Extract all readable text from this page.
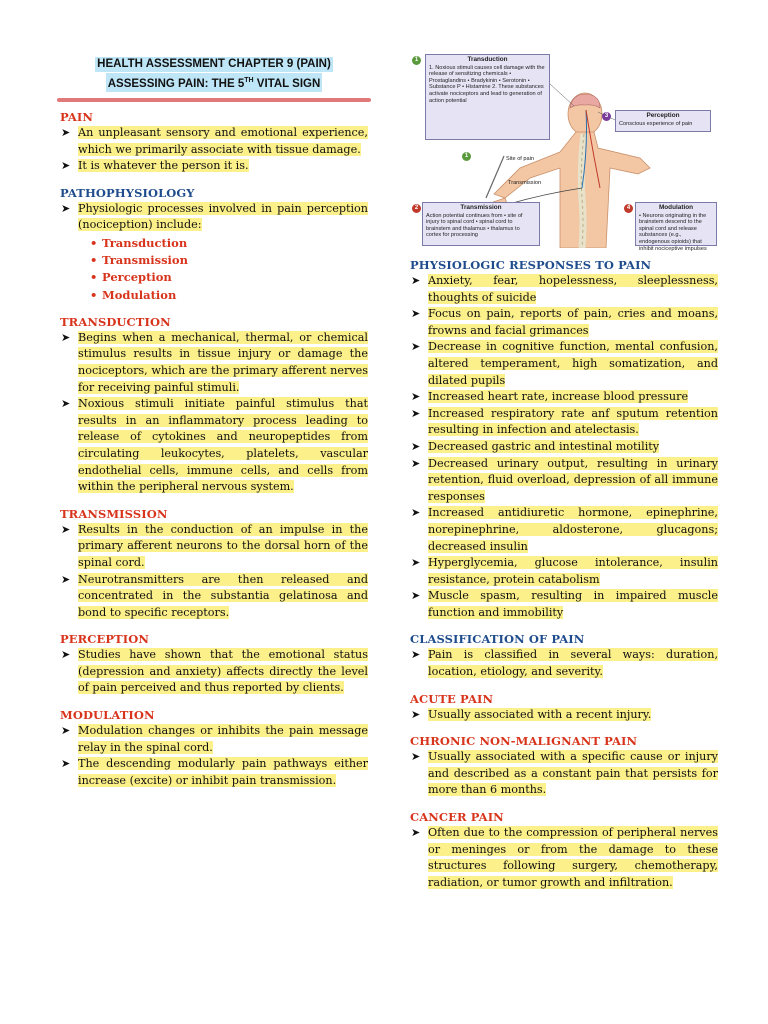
HEALTH ASSESSMENT CHAPTER 9 (PAIN)
ASSESSING PAIN: THE 5TH VITAL SIGN
PAIN
➤ An unpleasant sensory and emotional experience, which we primarily associate with tissue damage.
➤ It is whatever the person it is.
PATHOPHYSIOLOGY
➤ Physiologic processes involved in pain perception (nociception) include:
• Transduction
• Transmission
• Perception
• Modulation
TRANSDUCTION
➤ Begins when a mechanical, thermal, or chemical stimulus results in tissue injury or damage the nociceptors, which are the primary afferent nerves for receiving painful stimuli.
➤ Noxious stimuli initiate painful stimulus that results in an inflammatory process leading to release of cytokines and neuropeptides from circulating leukocytes, platelets, vascular endothelial cells, immune cells, and cells from within the peripheral nervous system.
TRANSMISSION
➤ Results in the conduction of an impulse in the primary afferent neurons to the dorsal horn of the spinal cord.
➤ Neurotransmitters are then released and concentrated in the substantia gelatinosa and bond to specific receptors.
PERCEPTION
➤ Studies have shown that the emotional status (depression and anxiety) affects directly the level of pain perceived and thus reported by clients.
MODULATION
➤ Modulation changes or inhibits the pain message relay in the spinal cord.
➤ The descending modularly pain pathways either increase (excite) or inhibit pain transmission.
Transduction
1. Noxious stimuli causes cell damage with the release of sensitizing chemicals • Prostaglandins • Bradykinin • Serotonin • Substance P • Histamine 2. These substances activate nociceptors and lead to generation of action potential
Perception
Conscious experience of pain
Transmission
Action potential continues from • site of injury to spinal cord • spinal cord to brainstem and thalamus • thalamus to cortex for processing
Modulation
• Neurons originating in the brainstem descend to the spinal cord and release substances (e.g., endogenous opioids) that inhibit nociceptive impulses
1
1
2
3
4
Site of pain
Transmission
PHYSIOLOGIC RESPONSES TO PAIN
➤ Anxiety, fear, hopelessness, sleeplessness, thoughts of suicide
➤ Focus on pain, reports of pain, cries and moans, frowns and facial grimances
➤ Decrease in cognitive function, mental confusion, altered temperament, high somatization, and dilated pupils
➤ Increased heart rate, increase blood pressure
➤ Increased respiratory rate anf sputum retention resulting in infection and atelectasis.
➤ Decreased gastric and intestinal motility
➤ Decreased urinary output, resulting in urinary retention, fluid overload, depression of all immune responses
➤ Increased antidiuretic hormone, epinephrine, norepinephrine, aldosterone, glucagons; decreased insulin
➤ Hyperglycemia, glucose intolerance, insulin resistance, protein catabolism
➤ Muscle spasm, resulting in impaired muscle function and immobility
CLASSIFICATION OF PAIN
➤ Pain is classified in several ways: duration, location, etiology, and severity.
ACUTE PAIN
➤ Usually associated with a recent injury.
CHRONIC NON-MALIGNANT PAIN
➤ Usually associated with a specific cause or injury and described as a constant pain that persists for more than 6 months.
CANCER PAIN
➤ Often due to the compression of peripheral nerves or meninges or from the damage to these structures following surgery, chemotherapy, radiation, or tumor growth and infiltration.
